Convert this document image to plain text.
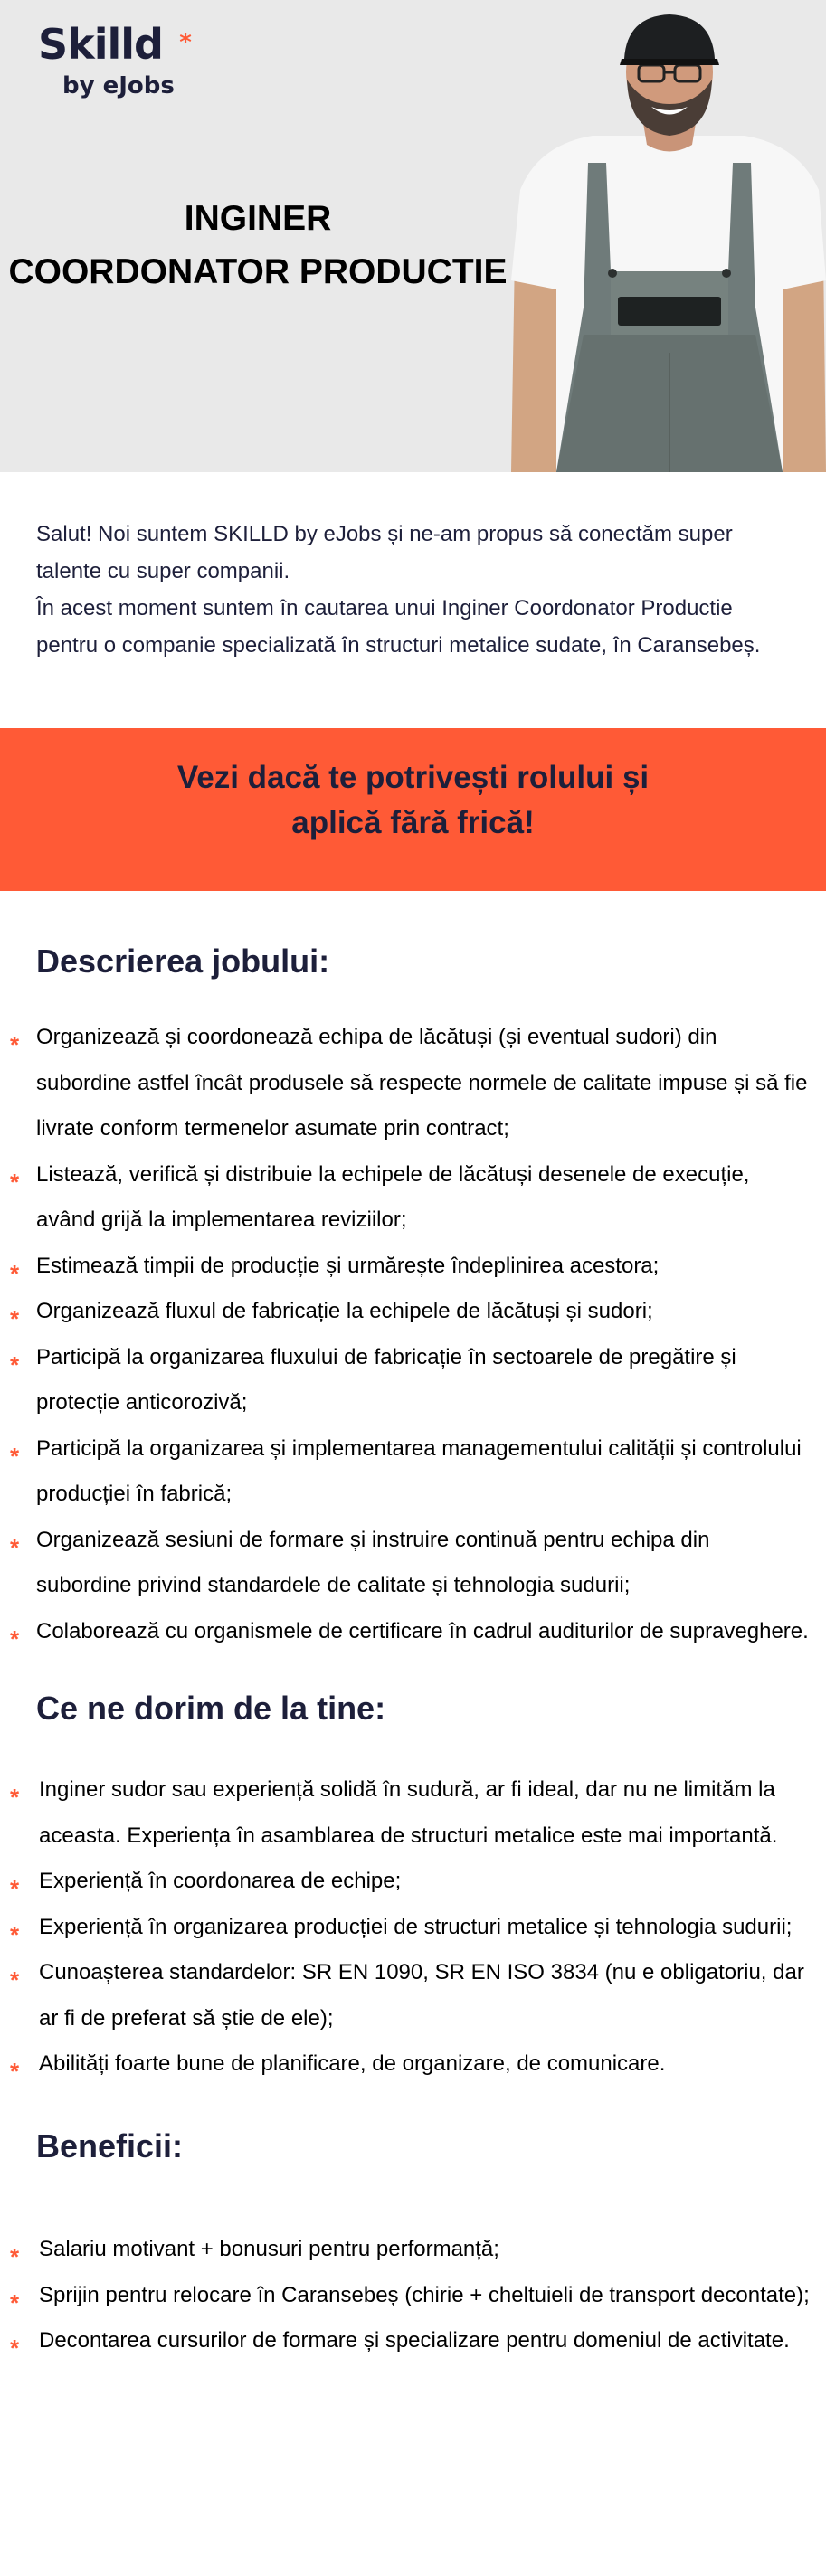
Skilld *
by eJobs
INGINER
COORDONATOR PRODUCTIE

Salut! Noi suntem SKILLD by eJobs și ne-am propus să conectăm super talente cu super companii.

În acest moment suntem în cautarea unui Inginer Coordonator Productie pentru o companie specializată în structuri metalice sudate, în Caransebeș.

Vezi dacă te potrivești rolului și
aplică fără frică!
Descrierea jobului:
* Organizează și coordonează echipa de lăcătuși (și eventual sudori) din subordine astfel încât produsele să respecte normele de calitate impuse și să fie livrate conform termenelor asumate prin contract;
* Listează, verifică și distribuie la echipele de lăcătuși desenele de execuție, având grijă la implementarea reviziilor;
* Estimează timpii de producție și urmărește îndeplinirea acestora;
* Organizează fluxul de fabricație la echipele de lăcătuși și sudori;
* Participă la organizarea fluxului de fabricație în sectoarele de pregătire și protecție anticorozivă;
* Participă la organizarea și implementarea managementului calității și controlului producției în fabrică;
* Organizează sesiuni de formare și instruire continuă pentru echipa din subordine privind standardele de calitate și tehnologia sudurii;
* Colaborează cu organismele de certificare în cadrul auditurilor de supraveghere.
Ce ne dorim de la tine:
* Inginer sudor sau experiență solidă în sudură, ar fi ideal, dar nu ne limităm la aceasta. Experiența în asamblarea de structuri metalice este mai importantă.
* Experiență în coordonarea de echipe;
* Experiență în organizarea producției de structuri metalice și tehnologia sudurii;
* Cunoașterea standardelor: SR EN 1090, SR EN ISO 3834 (nu e obligatoriu, dar ar fi de preferat să știe de ele);
* Abilități foarte bune de planificare, de organizare, de comunicare.
Beneficii:
* Salariu motivant + bonusuri pentru performanță;
* Sprijin pentru relocare în Caransebeș (chirie + cheltuieli de transport decontate);
* Decontarea cursurilor de formare și specializare pentru domeniul de activitate.
